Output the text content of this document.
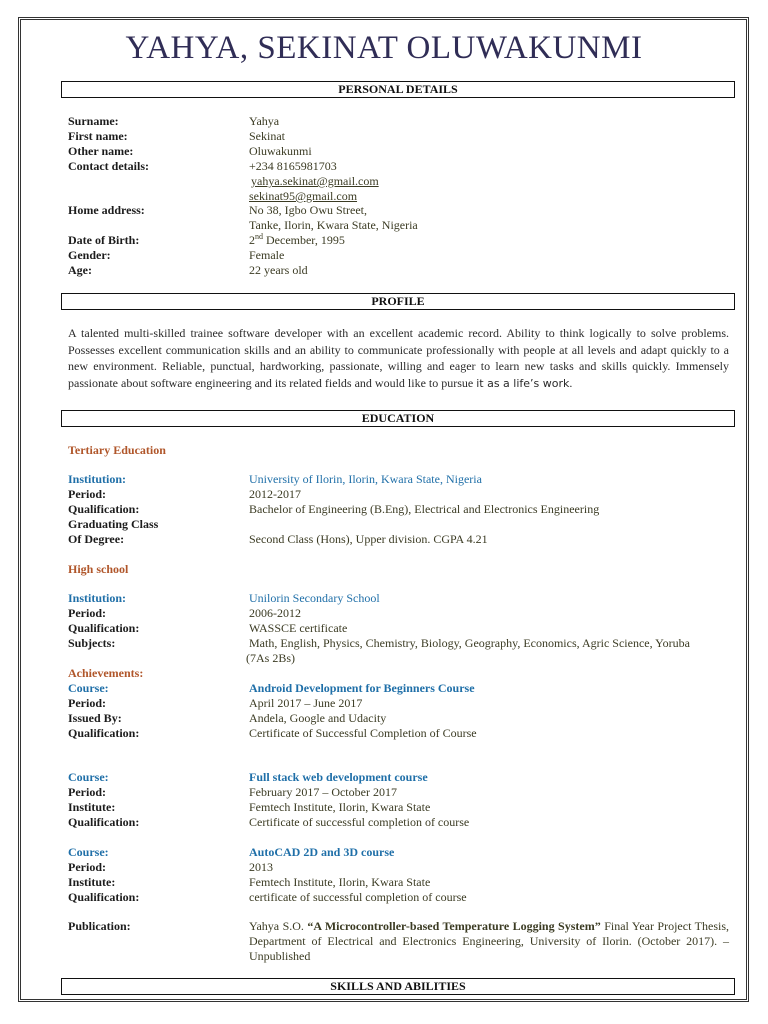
YAHYA, SEKINAT OLUWAKUNMI
PERSONAL DETAILS
Surname:	Yahya
First name:	Sekinat
Other name:	Oluwakunmi
Contact details:	+234 8165981703
yahya.sekinat@gmail.com
sekinat95@gmail.com
Home address:	No 38, Igbo Owu Street,
Tanke, Ilorin, Kwara State, Nigeria
Date of Birth:	2nd December, 1995
Gender:	Female
Age:	22 years old
PROFILE
A talented multi-skilled trainee software developer with an excellent academic record. Ability to think logically to solve problems. Possesses excellent communication skills and an ability to communicate professionally with people at all levels and adapt quickly to a new environment. Reliable, punctual, hardworking, passionate, willing and eager to learn new tasks and skills quickly. Immensely passionate about software engineering and its related fields and would like to pursue it as a life’s work.
EDUCATION
Tertiary Education
Institution:	University of Ilorin, Ilorin, Kwara State, Nigeria
Period:	2012-2017
Qualification:	Bachelor of Engineering (B.Eng), Electrical and Electronics Engineering
Graduating Class
Of Degree:	Second Class (Hons), Upper division. CGPA 4.21
High school
Institution:	Unilorin Secondary School
Period:	2006-2012
Qualification:	WASSCE certificate
Subjects:	Math, English, Physics, Chemistry, Biology, Geography, Economics, Agric Science, Yoruba
(7As 2Bs)
Achievements:
Course:	Android Development for Beginners Course
Period:	April 2017 – June 2017
Issued By:	Andela, Google and Udacity
Qualification:	Certificate of Successful Completion of Course
Course:	Full stack web development course
Period:	February 2017 – October 2017
Institute:	Femtech Institute, Ilorin, Kwara State
Qualification:	Certificate of successful completion of course
Course:	AutoCAD 2D and 3D course
Period:	2013
Institute:	Femtech Institute, Ilorin, Kwara State
Qualification:	certificate of successful completion of course
Publication:	Yahya S.O. “A Microcontroller-based Temperature Logging System” Final Year Project Thesis, Department of Electrical and Electronics Engineering, University of Ilorin. (October 2017). – Unpublished
SKILLS AND ABILITIES
